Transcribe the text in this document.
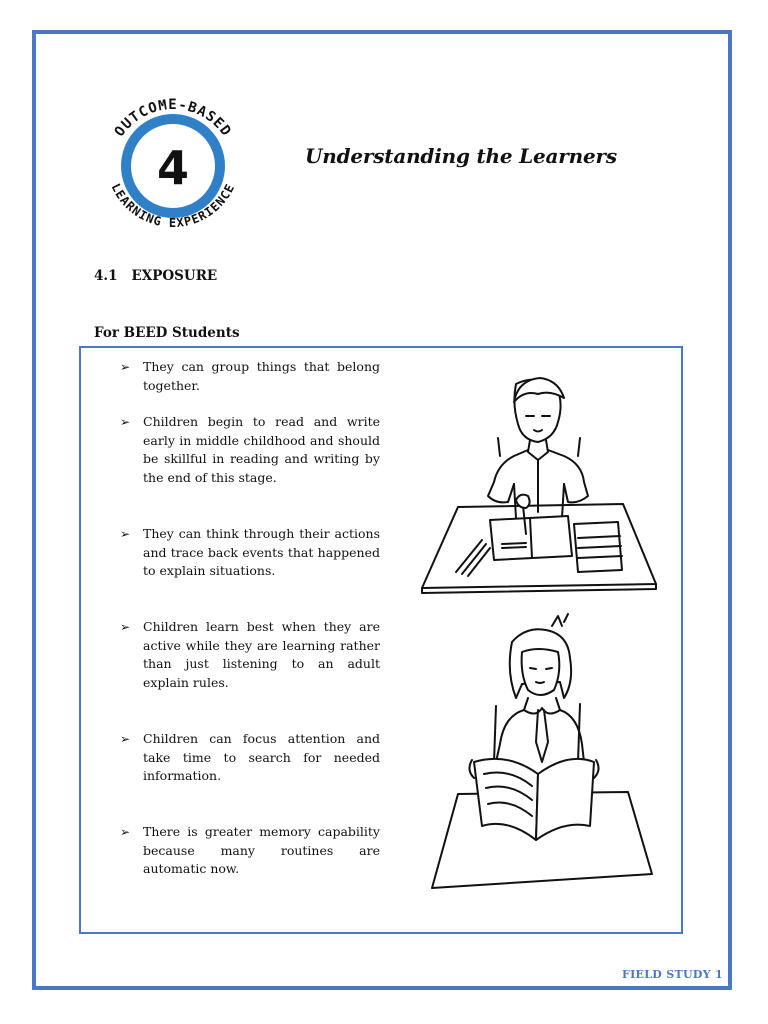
OUTCOME-BASED
LEARNING EXPERIENCE
4	Understanding the Learners
4.1 EXPOSURE
For BEED Students
➢	They can group things that belong together.
➢	Children begin to read and write early in middle childhood and should be skillful in reading and writing by the end of this stage.
➢	They can think through their actions and trace back events that happened to explain situations.
➢	Children learn best when they are active while they are learning rather than just listening to an adult explain rules.
➢	Children can focus attention and take time to search for needed information.
➢	There is greater memory capability because many routines are automatic now.
FIELD STUDY 1
